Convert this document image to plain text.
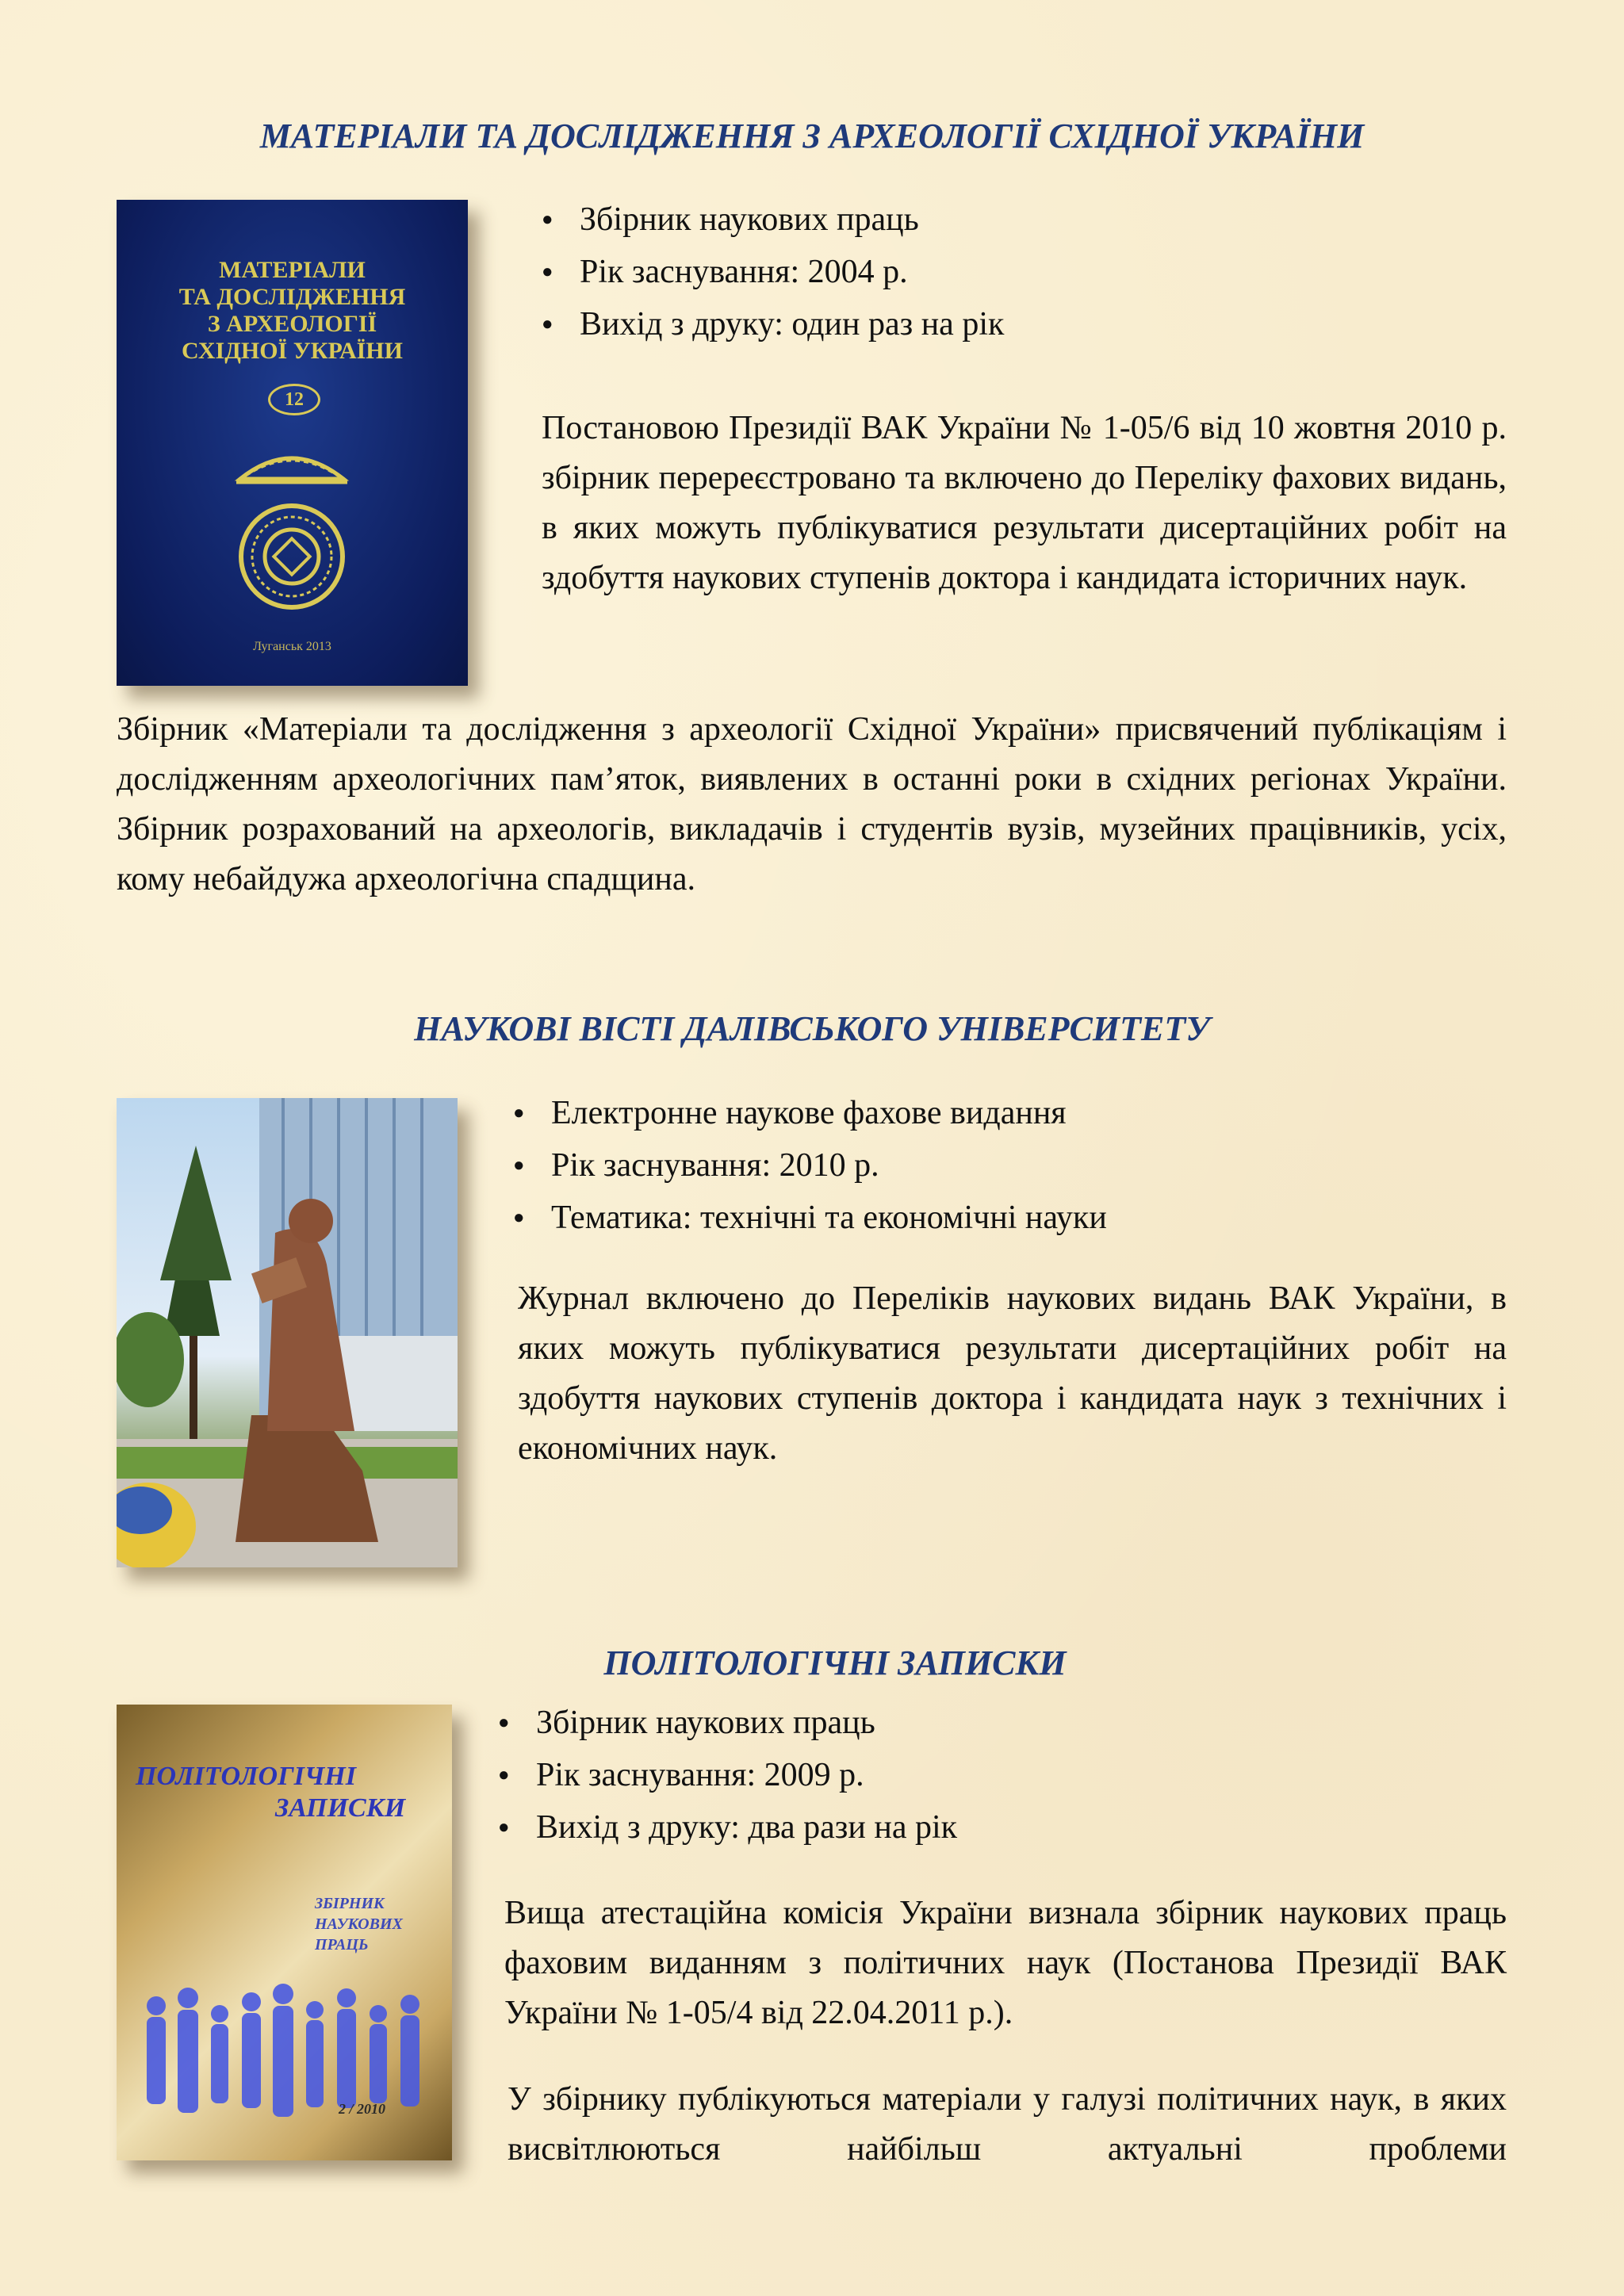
МАТЕРІАЛИ ТА ДОСЛІДЖЕННЯ З АРХЕОЛОГІЇ СХІДНОЇ УКРАЇНИ
МАТЕРІАЛИ
ТА ДОСЛІДЖЕННЯ
З АРХЕОЛОГІЇ
СХІДНОЇ УКРАЇНИ
12
Луганськ 2013
● Збірник наукових праць
● Рік заснування: 2004 р.
● Вихід з друку: один раз на рік

Постановою Президії ВАК України № 1-05/6 від 10 жовтня 2010 р. збірник перереєстровано та включено до Переліку фахових видань, в яких можуть публікуватися результати дисертаційних робіт на здобуття наукових ступенів доктора і кандидата історичних наук.

Збірник «Матеріали та дослідження з археології Східної України» присвячений публікаціям і дослідженням археологічних пам’яток, виявлених в останні роки в східних регіонах України. Збірник розрахований на археологів, викладачів і студентів вузів, музейних працівників, усіх, кому небайдужа археологічна спадщина.

НАУКОВІ ВІСТІ ДАЛІВСЬКОГО УНІВЕРСИТЕТУ
● Електронне наукове фахове видання
● Рік заснування: 2010 р.
● Тематика: технічні та економічні науки

Журнал включено до Переліків наукових видань ВАК України, в яких можуть публікуватися результати дисертаційних робіт на здобуття наукових ступенів доктора і кандидата наук з технічних і економічних наук.

ПОЛІТОЛОГІЧНІ ЗАПИСКИ
ПОЛІТОЛОГІЧНІ
ЗАПИСКИ
ЗБІРНИК
НАУКОВИХ
ПРАЦЬ
2 / 2010
● Збірник наукових праць
● Рік заснування: 2009 р.
● Вихід з друку: два рази на рік

Вища атестаційна комісія України визнала збірник наукових праць фаховим виданням з політичних наук (Постанова Президії ВАК України № 1-05/4 від 22.04.2011 р.).

У збірнику публікуються матеріали у галузі політичних наук, в яких висвітлюються найбільш актуальні проблеми
